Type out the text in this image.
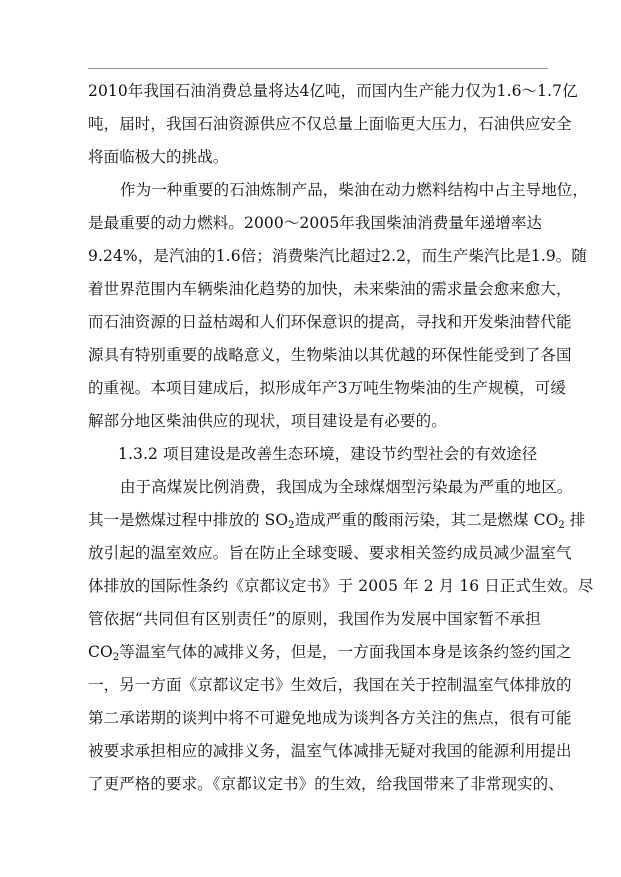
2010年我国石油消费总量将达4亿吨，而国内生产能力仅为1.6～1.7亿
吨，届时，我国石油资源供应不仅总量上面临更大压力，石油供应安全
将面临极大的挑战。
作为一种重要的石油炼制产品，柴油在动力燃料结构中占主导地位，
是最重要的动力燃料。2000～2005年我国柴油消费量年递增率达
9.24%，是汽油的1.6倍；消费柴汽比超过2.2，而生产柴汽比是1.9。随
着世界范围内车辆柴油化趋势的加快，未来柴油的需求量会愈来愈大，
而石油资源的日益枯竭和人们环保意识的提高，寻找和开发柴油替代能
源具有特别重要的战略意义，生物柴油以其优越的环保性能受到了各国
的重视。本项目建成后，拟形成年产3万吨生物柴油的生产规模，可缓
解部分地区柴油供应的现状，项目建设是有必要的。
1.3.2 项目建设是改善生态环境，建设节约型社会的有效途径
由于高煤炭比例消费，我国成为全球煤烟型污染最为严重的地区。
其一是燃煤过程中排放的 $SO_2$造成严重的酸雨污染，其二是燃煤 $CO_2$ 排
放引起的温室效应。旨在防止全球变暖、要求相关签约成员减少温室气
体排放的国际性条约《京都议定书》于 2005 年 2 月 16 日正式生效。尽
管依据“共同但有区别责任”的原则，我国作为发展中国家暂不承担
$CO_2$等温室气体的减排义务，但是，一方面我国本身是该条约签约国之
一，另一方面《京都议定书》生效后，我国在关于控制温室气体排放的
第二承诺期的谈判中将不可避免地成为谈判各方关注的焦点，很有可能
被要求承担相应的减排义务，温室气体减排无疑对我国的能源利用提出
了更严格的要求。《京都议定书》的生效，给我国带来了非常现实的、
